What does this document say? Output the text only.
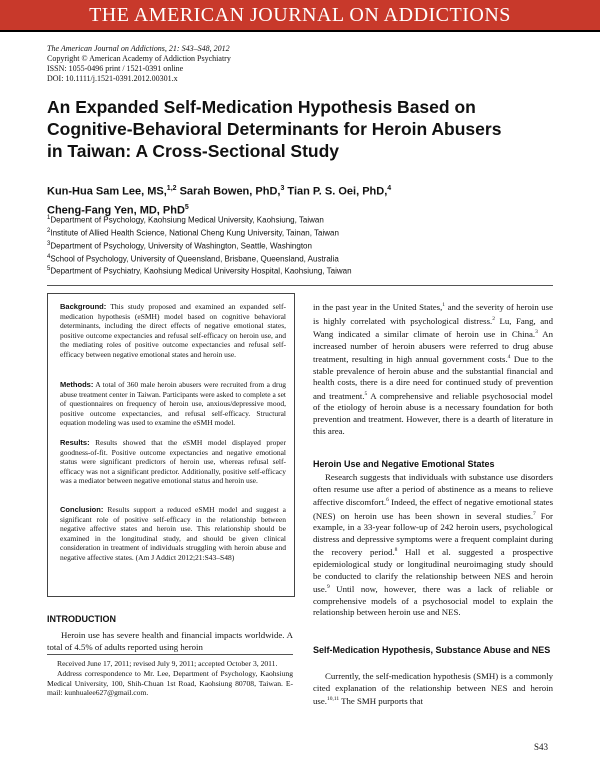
THE AMERICAN JOURNAL ON ADDICTIONS
The American Journal on Addictions, 21: S43–S48, 2012
Copyright © American Academy of Addiction Psychiatry
ISSN: 1055-0496 print / 1521-0391 online
DOI: 10.1111/j.1521-0391.2012.00301.x
An Expanded Self-Medication Hypothesis Based on
Cognitive-Behavioral Determinants for Heroin Abusers
in Taiwan: A Cross-Sectional Study
Kun-Hua Sam Lee, MS,$^{1,2}$ Sarah Bowen, PhD,$^3$ Tian P. S. Oei, PhD,$^4$
Cheng-Fang Yen, MD, PhD$^5$
$^1$Department of Psychology, Kaohsiung Medical University, Kaohsiung, Taiwan
$^2$Institute of Allied Health Science, National Cheng Kung University, Tainan, Taiwan
$^3$Department of Psychology, University of Washington, Seattle, Washington
$^4$School of Psychology, University of Queensland, Brisbane, Queensland, Australia
$^5$Department of Psychiatry, Kaohsiung Medical University Hospital, Kaohsiung, Taiwan

Background: This study proposed and examined an expanded self-medication hypothesis (eSMH) model based on cognitive behavioral determinants, including the direct effects of negative emotional states, positive outcome expectancies and refusal self-efficacy on heroin use, and the mediating roles of positive outcome expectancies and refusal self-efficacy between negative emotional states and heroin use.

Methods: A total of 360 male heroin abusers were recruited from a drug abuse treatment center in Taiwan. Participants were asked to complete a set of questionnaires on frequency of heroin use, anxious/depressive mood, positive outcome expectancies, and refusal self-efficacy. Structural equation modeling was used to examine the eSMH model.

Results: Results showed that the eSMH model displayed proper goodness-of-fit. Positive outcome expectancies and negative emotional status were significant predictors of heroin use, whereas refusal self-efficacy was not a significant predictor. Additionally, positive self-efficacy was a mediator between negative emotional status and heroin use.

Conclusion: Results support a reduced eSMH model and suggest a significant role of positive self-efficacy in the relationship between negative affective states and heroin use. This relationship should be examined in the longitudinal study, and should be given clinical consideration in treatment of individuals struggling with heroin abuse and negative affective states. (Am J Addict 2012;21:S43–S48)

INTRODUCTION

Heroin use has severe health and financial impacts worldwide. A total of 4.5% of adults reported using heroin

Received June 17, 2011; revised July 9, 2011; accepted October 3, 2011.

Address correspondence to Mr. Lee, Department of Psychology, Kaohsiung Medical University, 100, Shih-Chuan 1st Road, Kaohsiung 80708, Taiwan. E-mail: kunhualee627@gmail.com.

in the past year in the United States,$^1$ and the severity of heroin use is highly correlated with psychological distress.$^2$ Lu, Fang, and Wang indicated a similar climate of heroin use in China.$^3$ An increased number of heroin abusers were referred to drug abuse treatment, resulting in high annual government costs.$^4$ Due to the stable prevalence of heroin abuse and the substantial financial and health costs, there is a dire need for continued study of prevention and treatment.$^5$ A comprehensive and reliable psychosocial model of the etiology of heroin abuse is a necessary foundation for both prevention and treatment. However, there is a dearth of literature in this area.

Heroin Use and Negative Emotional States

Research suggests that individuals with substance use disorders often resume use after a period of abstinence as a means to relieve affective discomfort.$^6$ Indeed, the effect of negative emotional states (NES) on heroin use has been shown in several studies.$^7$ For example, in a 33-year follow-up of 242 heroin users, psychological distress and depressive symptoms were a frequent complaint during the recovery period.$^8$ Hall et al. suggested a prospective epidemiological study or longitudinal neuroimaging study should be conducted to clarify the relationship between NES and heroin use.$^9$ Until now, however, there was a lack of reliable or comprehensive models of a psychosocial model to explain the relationship between heroin use and NES.

Self-Medication Hypothesis, Substance Abuse and NES

Currently, the self-medication hypothesis (SMH) is a commonly cited explanation of the relationship between NES and heroin use.$^{10,11}$ The SMH purports that

S43
